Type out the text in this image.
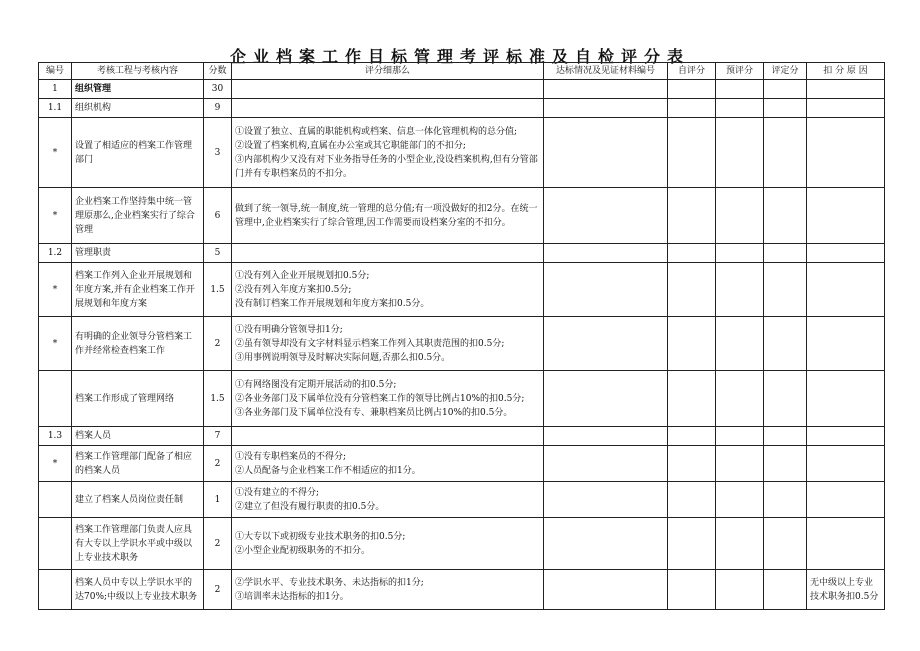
企业档案工作目标管理考评标准及自检评分表
编号	考核工程与考核内容	分数	评分细那么	达标情况及见证材料编号	自评分	预评分	评定分	扣 分 原 因
1	组织管理	30						
1.1	组织机构	9						
*	设置了相适应的档案工作管理部门	3	①设置了独立、直属的职能机构或档案、信息一体化管理机构的总分值;
②设置了档案机构,直属在办公室或其它职能部门的不扣分;
③内部机构少又没有对下业务指导任务的小型企业,没设档案机构,但有分管部门并有专职档案员的不扣分。					

*	企业档案工作坚持集中统一管理原那么,企业档案实行了综合管理	6	做到了统一领导,统一制度,统一管理的总分值;有一项没做好的扣2分。在统一管理中,企业档案实行了综合管理,因工作需要而设档案分室的不扣分。					

1.2	管理职责	5						
*	档案工作列入企业开展规划和年度方案,并有企业档案工作开展规划和年度方案	1.5	①没有列入企业开展规划扣0.5分;
②没有列入年度方案扣0.5分;
没有制订档案工作开展规划和年度方案扣0.5分。					

*	有明确的企业领导分管档案工作并经常检查档案工作	2	①没有明确分管领导扣1分;
②虽有领导却没有文字材料显示档案工作列入其职责范围的扣0.5分;
③用事例说明领导及时解决实际问题,否那么扣0.5分。					

	档案工作形成了管理网络	1.5	①有网络图没有定期开展活动的扣0.5分;
②各业务部门及下属单位没有分管档案工作的领导比例占10%的扣0.5分;
③各业务部门及下属单位没有专、兼职档案员比例占10%的扣0.5分。					

1.3	档案人员	7						
*	档案工作管理部门配备了相应的档案人员	2	①没有专职档案员的不得分;
②人员配备与企业档案工作不相适应的扣1分。					

	建立了档案人员岗位责任制	1	①没有建立的不得分;
②建立了但没有履行职责的扣0.5分。					

	档案工作管理部门负责人应具有大专以上学识水平或中级以上专业技术职务	2	①大专以下或初级专业技术职务的扣0.5分;
②小型企业配初级职务的不扣分。					

	档案人员中专以上学识水平的达70%;中级以上专业技术职务	2	②学识水平、专业技术职务、未达指标的扣1分;
③培训率未达指标的扣1分。					无中级以上专业技术职务扣0.5分
